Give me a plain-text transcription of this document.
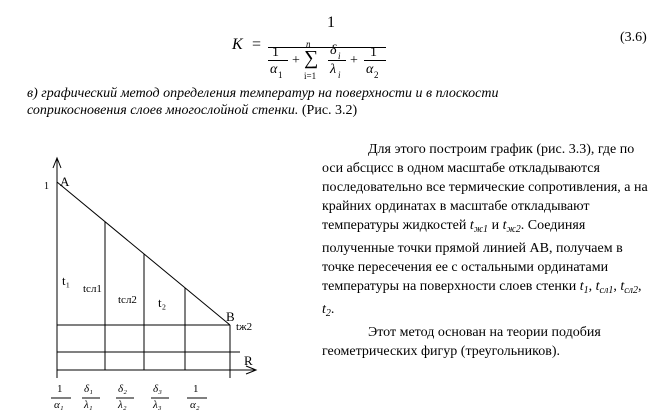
K =
1
1
α 1
+
n
∑
i=1
δ i
λ i
+
1
α 2
(3.6)
в) графический метод определения температур на поверхности и в плоскости соприкосновения слоев многослойной стенки. (Рис. 3.2)
1 A
B
tж2
R
t₁
tсл1
tсл2 t₂
1
α₁
δ₁
λ₁
δ₂
λ₂
δ₃
λ₃
1
α₂

Для этого построим график (рис. 3.3), где по оси абсцисс в одном масштабе откладываются последовательно все термические сопротивления, а на крайних ординатах в масштабе откладывают температуры жидкостей $t_{ж1}$ и $t_{ж2}$. Соединяя полученные точки прямой линией АВ, получаем в точке пересечения ее с остальными ординатами температуры на поверхности слоев стенки $t_1$, $t_{сл1}$, $t_{сл2}$, $t_2$.

Этот метод основан на теории подобия геометрических фигур (треугольников).
